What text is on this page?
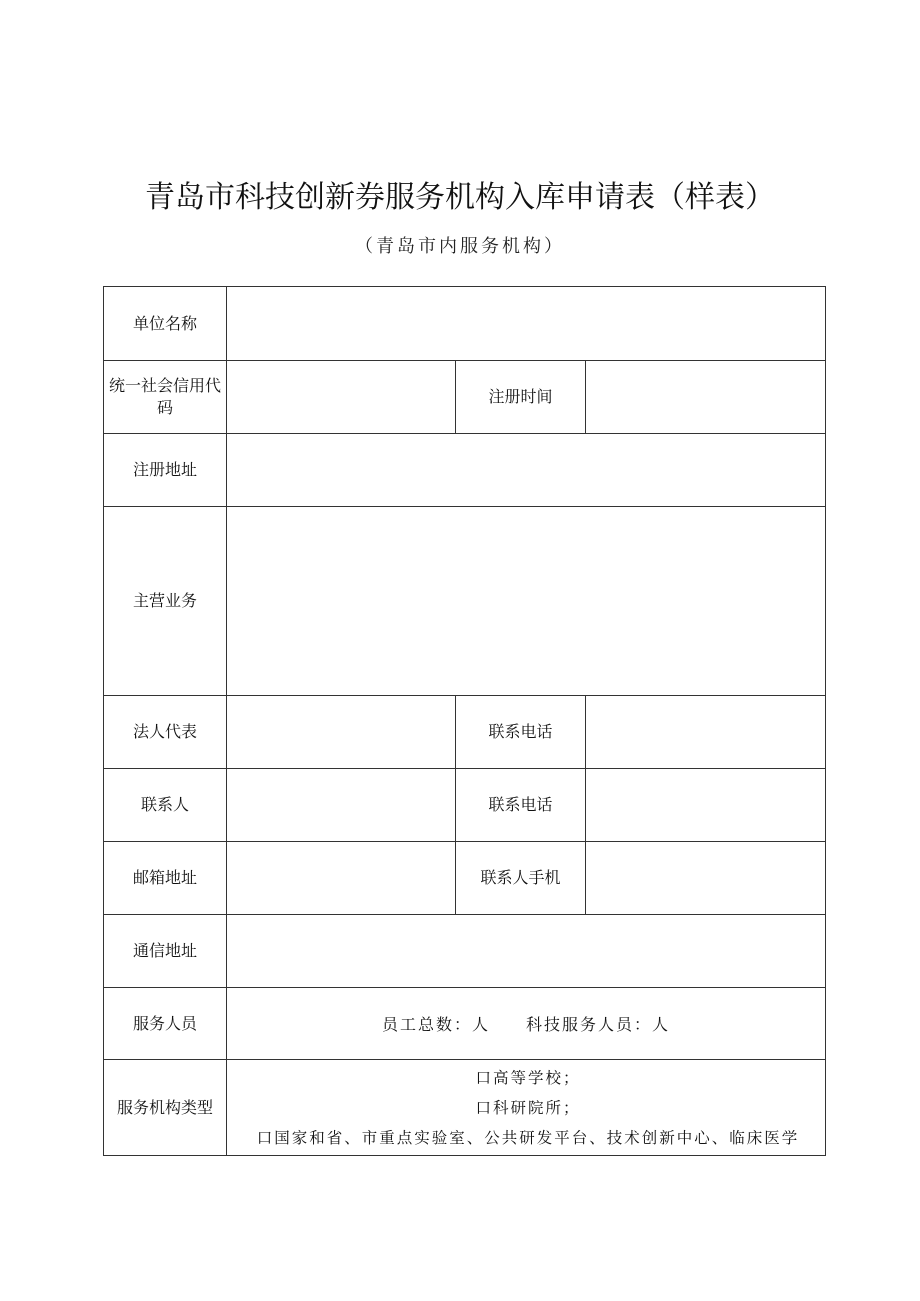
青岛市科技创新券服务机构入库申请表（样表）
（青岛市内服务机构）
单位名称			
统一社会信用代码		注册时间	
注册地址			
主营业务			
法人代表		联系电话	
联系人		联系电话	
邮箱地址		联系人手机	
通信地址			
服务人员	员工总数：人 科技服务人员：人		
服务机构类型	口高等学校；
口科研院所；
口国家和省、市重点实验室、公共研发平台、技术创新中心、临床医学		
